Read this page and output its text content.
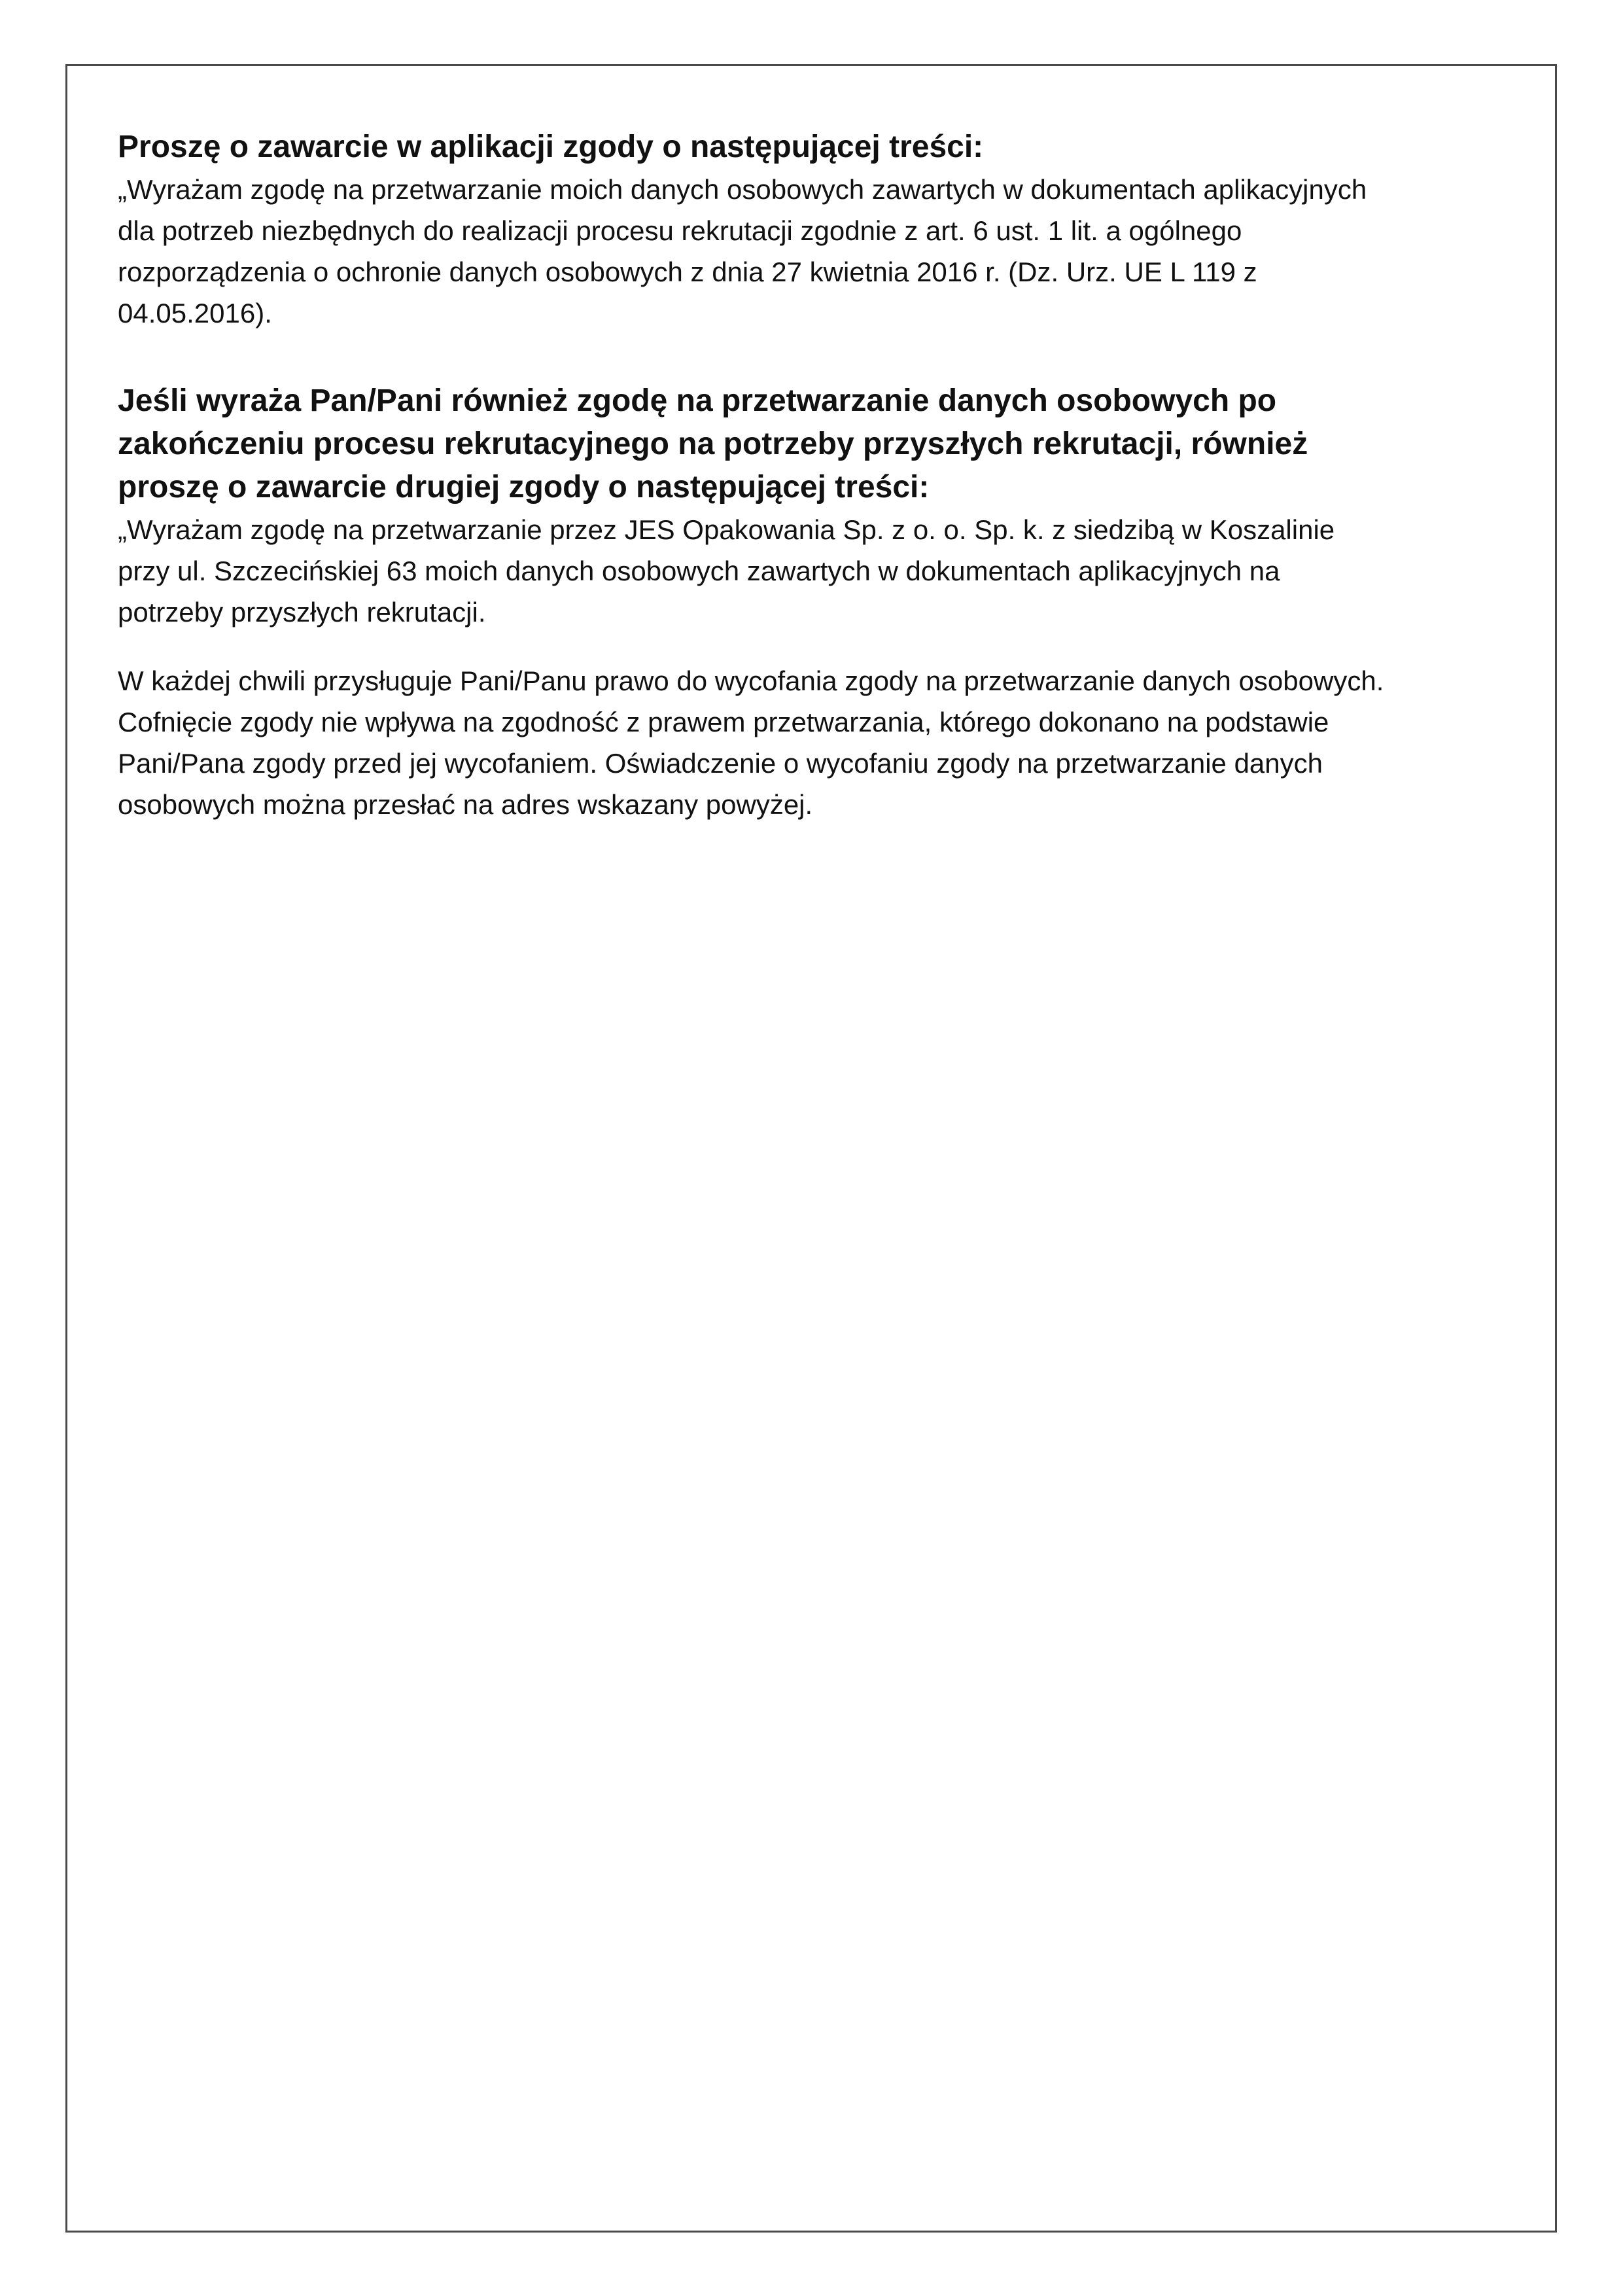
Proszę o zawarcie w aplikacji zgody o następującej treści:

„Wyrażam zgodę na przetwarzanie moich danych osobowych zawartych w dokumentach aplikacyjnych
dla potrzeb niezbędnych do realizacji procesu rekrutacji zgodnie z art. 6 ust. 1 lit. a ogólnego
rozporządzenia o ochronie danych osobowych z dnia 27 kwietnia 2016 r. (Dz. Urz. UE L 119 z
04.05.2016).

Jeśli wyraża Pan/Pani również zgodę na przetwarzanie danych osobowych po
zakończeniu procesu rekrutacyjnego na potrzeby przyszłych rekrutacji, również
proszę o zawarcie drugiej zgody o następującej treści:

„Wyrażam zgodę na przetwarzanie przez JES Opakowania Sp. z o. o. Sp. k. z siedzibą w Koszalinie
przy ul. Szczecińskiej 63 moich danych osobowych zawartych w dokumentach aplikacyjnych na
potrzeby przyszłych rekrutacji.

W każdej chwili przysługuje Pani/Panu prawo do wycofania zgody na przetwarzanie danych osobowych.
Cofnięcie zgody nie wpływa na zgodność z prawem przetwarzania, którego dokonano na podstawie
Pani/Pana zgody przed jej wycofaniem. Oświadczenie o wycofaniu zgody na przetwarzanie danych
osobowych można przesłać na adres wskazany powyżej.
